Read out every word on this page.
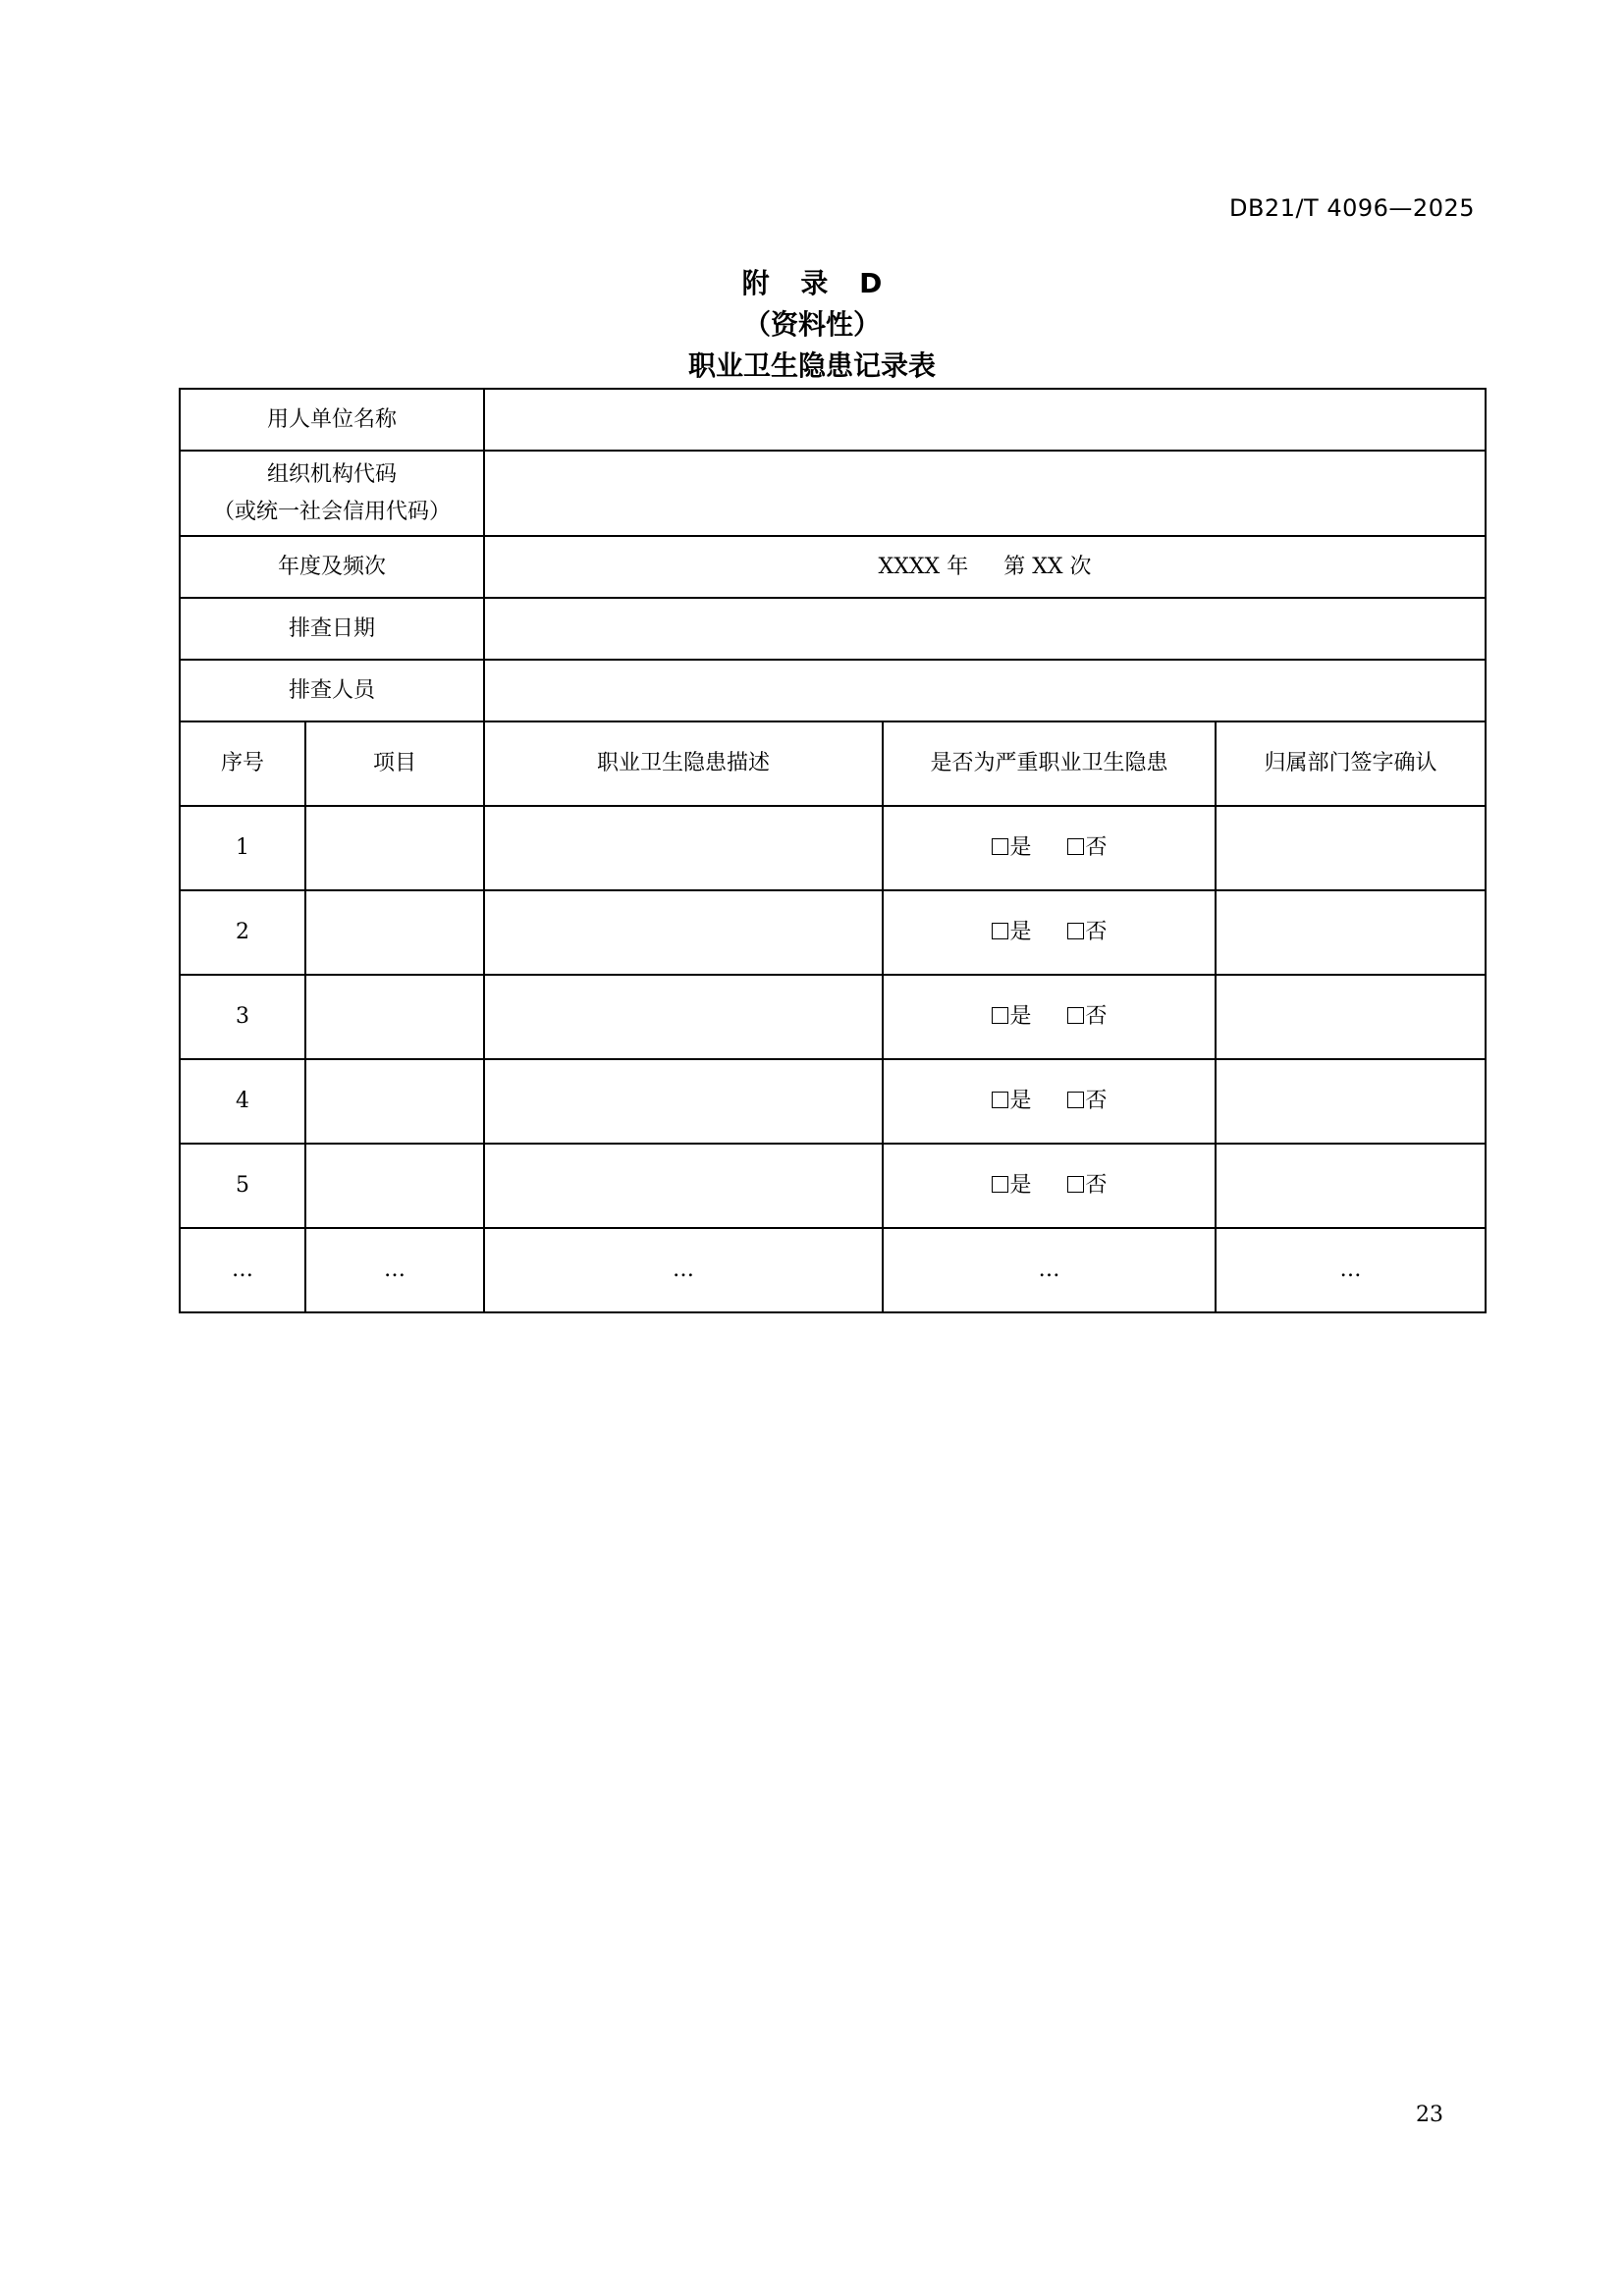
DB21/T 4096—2025
附 录 D
（资料性）
职业卫生隐患记录表
用人单位名称				

组织机构代码
（或统一社会信用代码）				

年度及频次		XXXX 年 第 XX 次		
排查日期				
排查人员				
序号	项目	职业卫生隐患描述	是否为严重职业卫生隐患	归属部门签字确认
1			是 否	
2			是 否	
3			是 否	
4			是 否	
5			是 否	
…	…	…	…	…
23
